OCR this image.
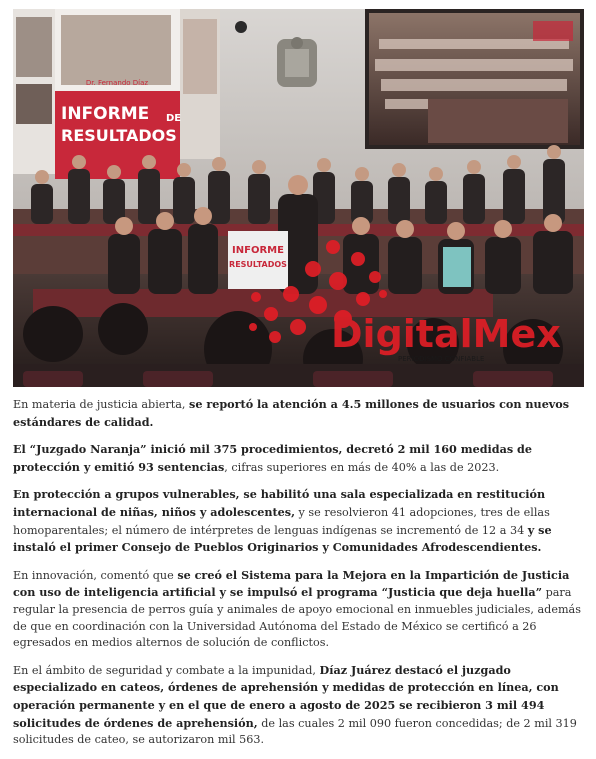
Dr. Fernando Díaz
INFORME DE
RESULTADOS
INFORME
RESULTADOS
DigitalMex
PERIODISMO CONFIABLE

En materia de justicia abierta, se reportó la atención a 4.5 millones de usuarios con nuevos estándares de calidad.

El “Juzgado Naranja” inició mil 375 procedimientos, decretó 2 mil 160 medidas de protección y emitió 93 sentencias, cifras superiores en más de 40% a las de 2023.

En protección a grupos vulnerables, se habilitó una sala especializada en restitución internacional de niñas, niños y adolescentes, y se resolvieron 41 adopciones, tres de ellas homoparentales; el número de intérpretes de lenguas indígenas se incrementó de 12 a 34 y se instaló el primer Consejo de Pueblos Originarios y Comunidades Afrodescendientes.

En innovación, comentó que se creó el Sistema para la Mejora en la Impartición de Justicia con uso de inteligencia artificial y se impulsó el programa “Justicia que deja huella” para regular la presencia de perros guía y animales de apoyo emocional en inmuebles judiciales, además de que en coordinación con la Universidad Autónoma del Estado de México se certificó a 26 egresados en medios alternos de solución de conflictos.

En el ámbito de seguridad y combate a la impunidad, Díaz Juárez destacó el juzgado especializado en cateos, órdenes de aprehensión y medidas de protección en línea, con operación permanente y en el que de enero a agosto de 2025 se recibieron 3 mil 494 solicitudes de órdenes de aprehensión, de las cuales 2 mil 090 fueron concedidas; de 2 mil 319 solicitudes de cateo, se autorizaron mil 563.
